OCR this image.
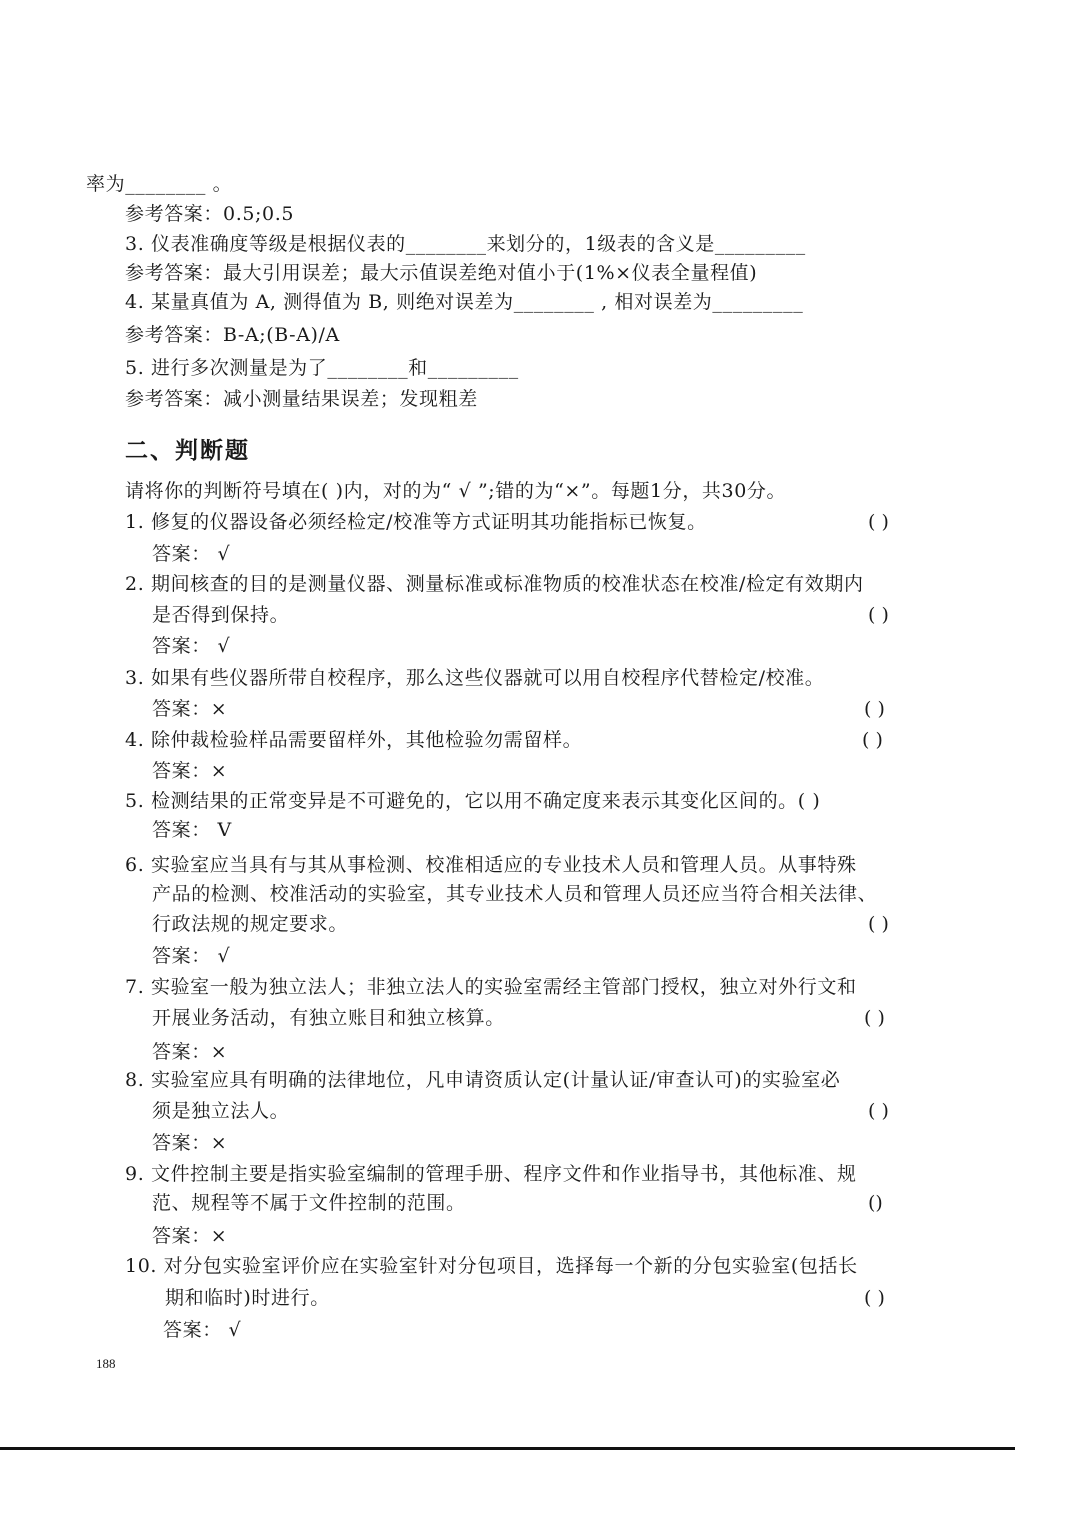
率为________ 。
参考答案：0.5;0.5
3. 仪表准确度等级是根据仪表的________来划分的，1级表的含义是_________
参考答案：最大引用误差；最大示值误差绝对值小于(1%×仪表全量程值)
4. 某量真值为 A, 测得值为 B, 则绝对误差为________ , 相对误差为_________
参考答案：B-A;(B-A)/A
5. 进行多次测量是为了________和_________
参考答案：减小测量结果误差；发现粗差
二、判断题
请将你的判断符号填在( )内，对的为“ √ ”;错的为“×”。每题1分，共30分。
1. 修复的仪器设备必须经检定/校准等方式证明其功能指标已恢复。	( )
答案： √
2. 期间核查的目的是测量仪器、测量标准或标准物质的校准状态在校准/检定有效期内
是否得到保持。	( )
答案： √
3. 如果有些仪器所带自校程序，那么这些仪器就可以用自校程序代替检定/校准。
答案：×	( )
4. 除仲裁检验样品需要留样外，其他检验勿需留样。	( )
答案：×
5. 检测结果的正常变异是不可避免的，它以用不确定度来表示其变化区间的。( )
答案： V
6. 实验室应当具有与其从事检测、校准相适应的专业技术人员和管理人员。从事特殊
产品的检测、校准活动的实验室，其专业技术人员和管理人员还应当符合相关法律、
行政法规的规定要求。	( )
答案： √
7. 实验室一般为独立法人；非独立法人的实验室需经主管部门授权，独立对外行文和
开展业务活动，有独立账目和独立核算。	( )
答案：×
8. 实验室应具有明确的法律地位，凡申请资质认定(计量认证/审查认可)的实验室必
须是独立法人。	( )
答案：×
9. 文件控制主要是指实验室编制的管理手册、程序文件和作业指导书，其他标准、规
范、规程等不属于文件控制的范围。	()
答案：×
10. 对分包实验室评价应在实验室针对分包项目，选择每一个新的分包实验室(包括长
期和临时)时进行。	( )
答案： √
188
